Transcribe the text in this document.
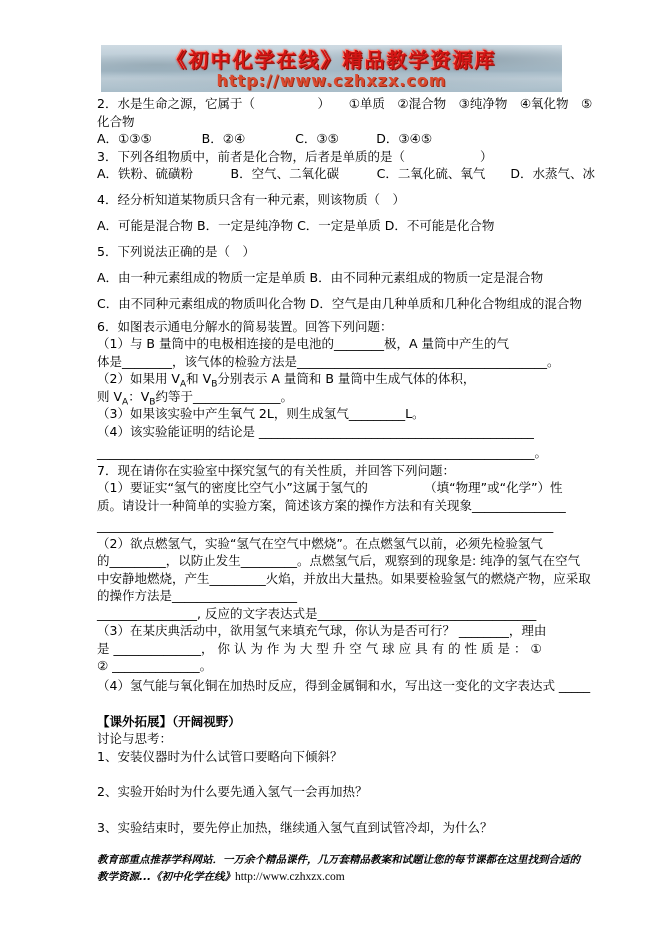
《初中化学在线》精品教学资源库
http://www.czhxzx.com

2．水是生命之源，它属于（　　　　　）　　①单质　②混合物　③纯净物　④氧化物　⑤

化合物

A．①③⑤　　　　B．②④　　　　C．③⑤　　　D．③④⑤

3．下列各组物质中，前者是化合物，后者是单质的是（　　　　　　）

A．铁粉、硫磺粉　　　B．空气、二氧化碳　　　C．二氧化硫、氧气　　D．水蒸气、冰

4．经分析知道某物质只含有一种元素，则该物质（　）

A．可能是混合物 B．一定是纯净物 C．一定是单质 D．不可能是化合物

5．下列说法正确的是（　）

A．由一种元素组成的物质一定是单质 B．由不同种元素组成的物质一定是混合物

C．由不同种元素组成的物质叫化合物 D．空气是由几种单质和几种化合物组成的混合物

6．如图表示通电分解水的简易装置。回答下列问题：

（1）与 B 量筒中的电极相连接的是电池的________极，A 量筒中产生的气

体是________，该气体的检验方法是________________________________________。

（2）如果用 $V_A$和 $V_B$分别表示 A 量筒和 B 量筒中生成气体的体积，

则 $V_A$：$V_B$约等于______________。

（3）如果该实验中产生氧气 2L，则生成氢气_________L。

（4）该实验能证明的结论是 ____________________________________________

______________________________________________________________________。

7．现在请你在实验室中探究氢气的有关性质，并回答下列问题：

（1）要证实“氢气的密度比空气小”这属于氢气的　　　　　（填“物理”或“化学”）性

质。请设计一种简单的实验方案，简述该方案的操作方法和有关现象_______________

_________________________________________________________________________

（2）欲点燃氢气，实验“氢气在空气中燃烧”。在点燃氢气以前，必须先检验氢气

的_________，以防止发生_________。点燃氢气后，观察到的现象是: 纯净的氢气在空气

中安静地燃烧，产生_________火焰，并放出大量热。如果要检验氢气的燃烧产物，应采取

的操作方法是____________________

________________, 反应的文字表达式是___________________________________

（3）在某庆典活动中，欲用氢气来填充气球，你认为是否可行？ ________，理由

是 ______________， 你 认 为 作 为 大 型 升 空 气 球 应 具 有 的 性 质 是 ： ①

② ______________。

（4）氢气能与氧化铜在加热时反应，得到金属铜和水，写出这一变化的文字表达式 _____

【课外拓展】（开阔视野）

讨论与思考：

1、安装仪器时为什么试管口要略向下倾斜？

2、实验开始时为什么要先通入氢气一会再加热？

3、实验结束时，要先停止加热，继续通入氢气直到试管冷却，为什么？

教育部重点推荐学科网站．一万余个精品课件，几万套精品教案和试题让您的每节课都在这里找到合适的

教学资源...《初中化学在线》http://www.czhxzx.com
